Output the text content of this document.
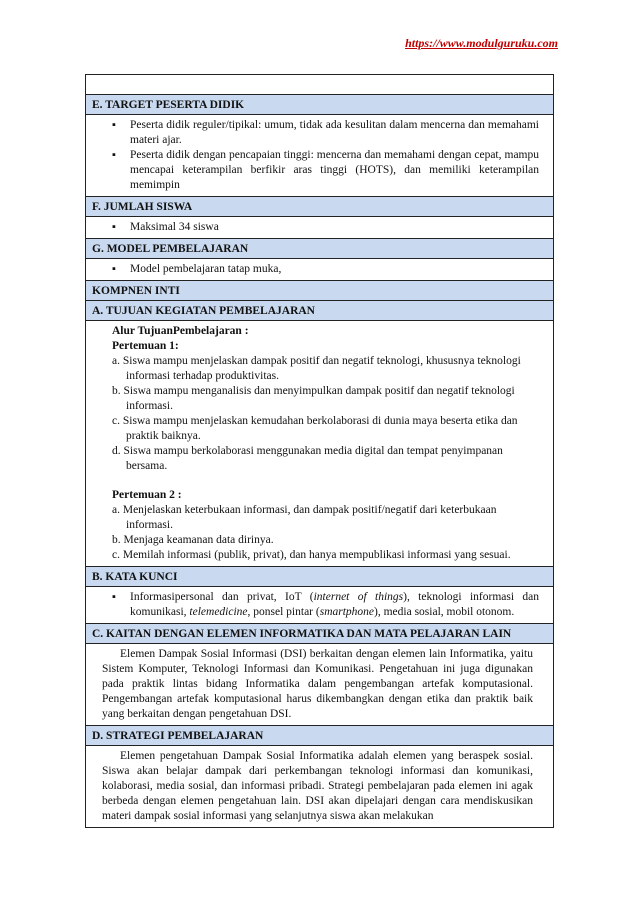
https://www.modulguruku.com
E. TARGET PESERTA DIDIK
▪ Peserta didik reguler/tipikal: umum, tidak ada kesulitan dalam mencerna dan memahami materi ajar.
▪ Peserta didik dengan pencapaian tinggi: mencerna dan memahami dengan cepat, mampu mencapai keterampilan berfikir aras tinggi (HOTS), dan memiliki keterampilan memimpin
F. JUMLAH SISWA
▪ Maksimal 34 siswa
G. MODEL PEMBELAJARAN
▪ Model pembelajaran tatap muka,
KOMPNEN INTI
A. TUJUAN KEGIATAN PEMBELAJARAN
Alur TujuanPembelajaran :
Pertemuan 1:
a. Siswa mampu menjelaskan dampak positif dan negatif teknologi, khususnya teknologi informasi terhadap produktivitas.
b. Siswa mampu menganalisis dan menyimpulkan dampak positif dan negatif teknologi informasi.
c. Siswa mampu menjelaskan kemudahan berkolaborasi di dunia maya beserta etika dan praktik baiknya.
d. Siswa mampu berkolaborasi menggunakan media digital dan tempat penyimpanan bersama.
Pertemuan 2 :
a. Menjelaskan keterbukaan informasi, dan dampak positif/negatif dari keterbukaan informasi.
b. Menjaga keamanan data dirinya.
c. Memilah informasi (publik, privat), dan hanya mempublikasi informasi yang sesuai.
B. KATA KUNCI
▪ Informasipersonal dan privat, IoT (internet of things), teknologi informasi dan komunikasi, telemedicine, ponsel pintar (smartphone), media sosial, mobil otonom.
C. KAITAN DENGAN ELEMEN INFORMATIKA DAN MATA PELAJARAN LAIN
Elemen Dampak Sosial Informasi (DSI) berkaitan dengan elemen lain Informatika, yaitu Sistem Komputer, Teknologi Informasi dan Komunikasi. Pengetahuan ini juga digunakan pada praktik lintas bidang Informatika dalam pengembangan artefak komputasional. Pengembangan artefak komputasional harus dikembangkan dengan etika dan praktik baik yang berkaitan dengan pengetahuan DSI.
D. STRATEGI PEMBELAJARAN
Elemen pengetahuan Dampak Sosial Informatika adalah elemen yang beraspek sosial. Siswa akan belajar dampak dari perkembangan teknologi informasi dan komunikasi, kolaborasi, media sosial, dan informasi pribadi. Strategi pembelajaran pada elemen ini agak berbeda dengan elemen pengetahuan lain. DSI akan dipelajari dengan cara mendiskusikan materi dampak sosial informasi yang selanjutnya siswa akan melakukan
